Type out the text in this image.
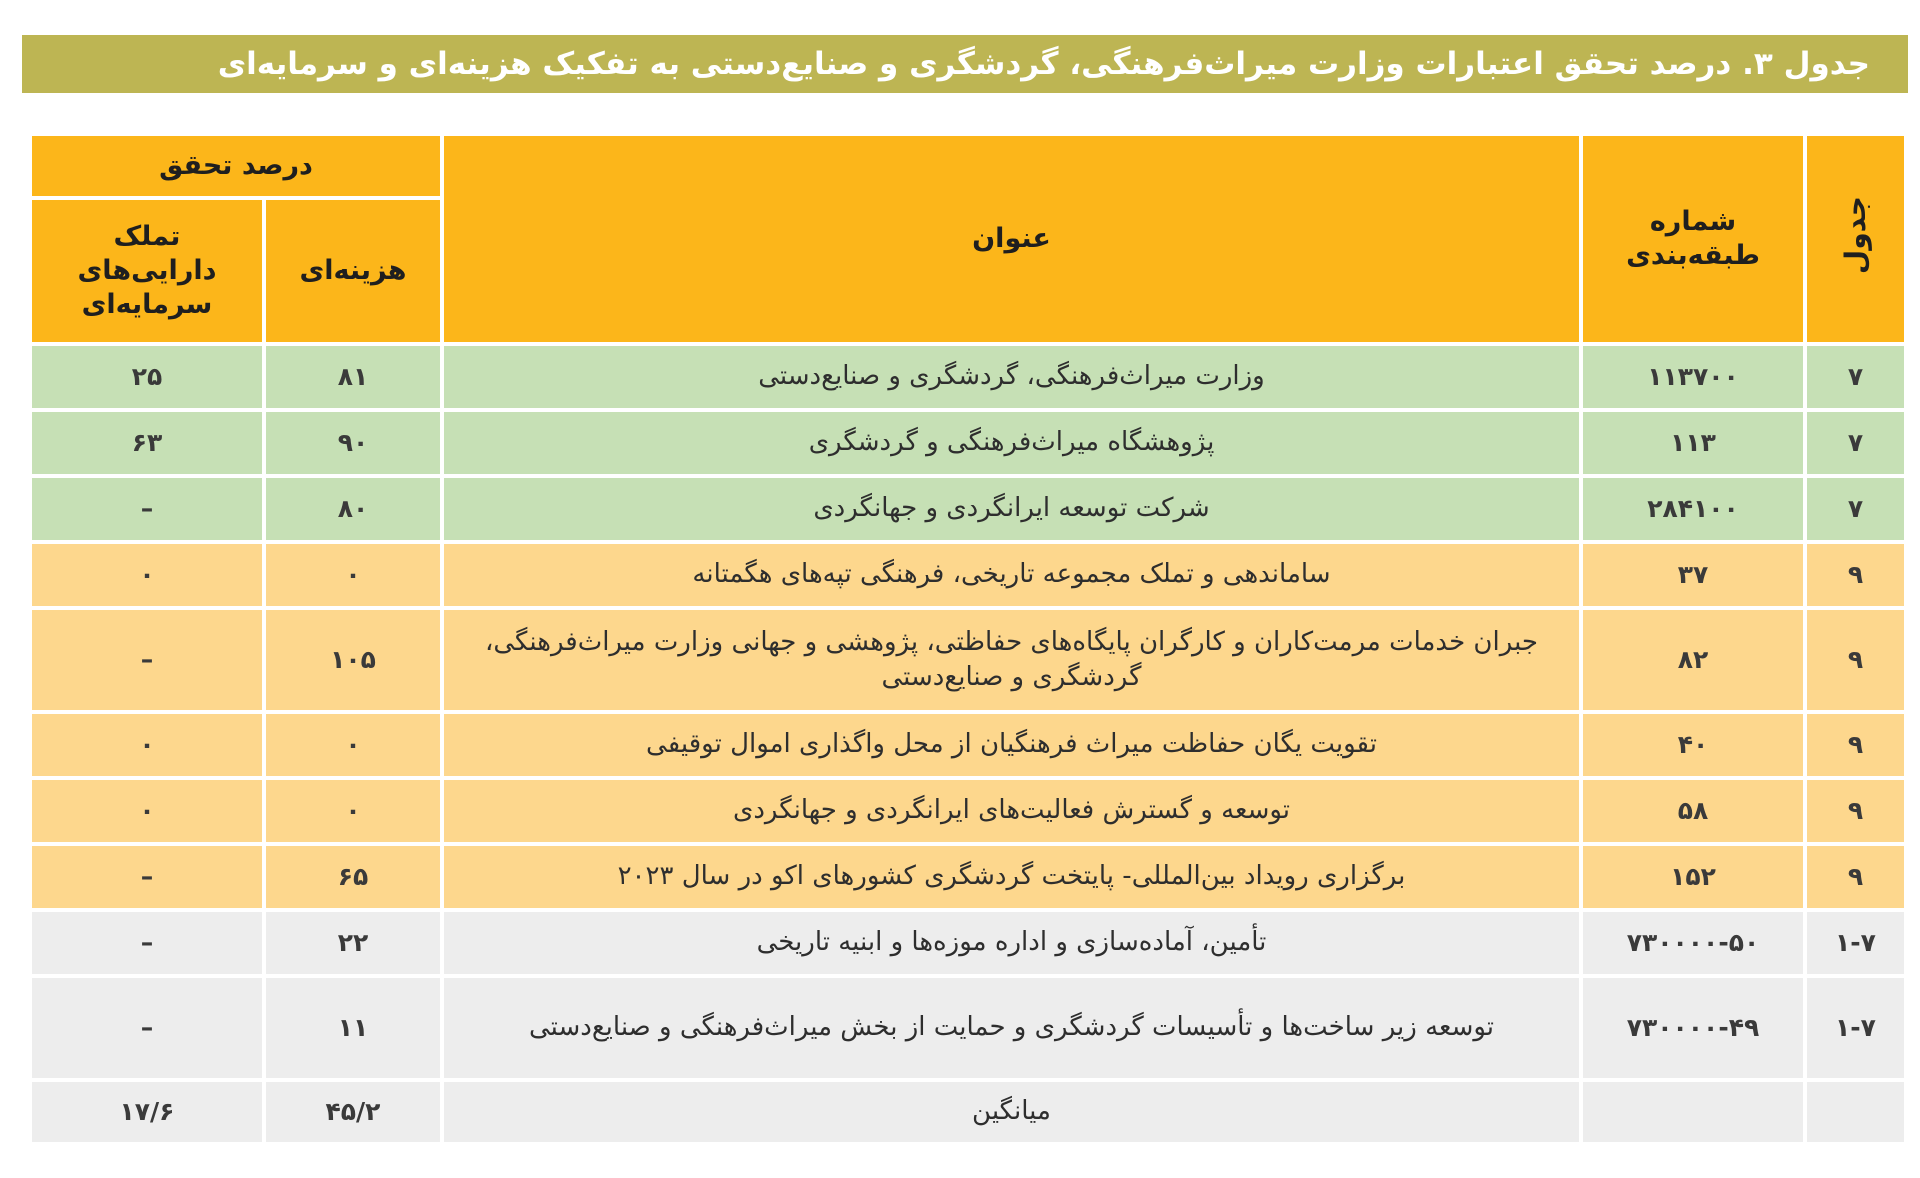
جدول ۳. درصد تحقق اعتبارات وزارت میراث‌فرهنگی، گردشگری و صنایع‌دستی به تفکیک هزینه‌ای و سرمایه‌ای
جدول	شماره طبقه‌بندی	عنوان	درصد تحقق	
			هزینه‌ای	تملک دارایی‌های سرمایه‌ای
۷	۱۱۳۷۰۰	وزارت میراث‌فرهنگی، گردشگری و صنایع‌دستی	۸۱	۲۵
۷	۱۱۳	پژوهشگاه میراث‌فرهنگی و گردشگری	۹۰	۶۳
۷	۲۸۴۱۰۰	شرکت توسعه ایرانگردی و جهانگردی	۸۰	–
۹	۳۷	ساماندهی و تملک مجموعه تاریخی، فرهنگی تپه‌های هگمتانه	۰	۰
۹	۸۲	جبران خدمات مرمت‌کاران و کارگران پایگاه‌های حفاظتی، پژوهشی و جهانی وزارت میراث‌فرهنگی، گردشگری و صنایع‌دستی	۱۰۵	–
۹	۴۰	تقویت یگان حفاظت میراث فرهنگیان از محل واگذاری اموال توقیفی	۰	۰
۹	۵۸	توسعه و گسترش فعالیت‌های ایرانگردی و جهانگردی	۰	۰
۹	۱۵۲	برگزاری رویداد بین‌المللی- پایتخت گردشگری کشورهای اکو در سال ۲۰۲۳	۶۵	–
۱-۷	۷۳۰۰۰۰-۵۰	تأمین، آماده‌سازی و اداره موزه‌ها و ابنیه تاریخی	۲۲	–
۱-۷	۷۳۰۰۰۰-۴۹	توسعه زیر ساخت‌ها و تأسیسات گردشگری و حمایت از بخش میراث‌فرهنگی و صنایع‌دستی	۱۱	–
		میانگین	۴۵/۲	۱۷/۶
